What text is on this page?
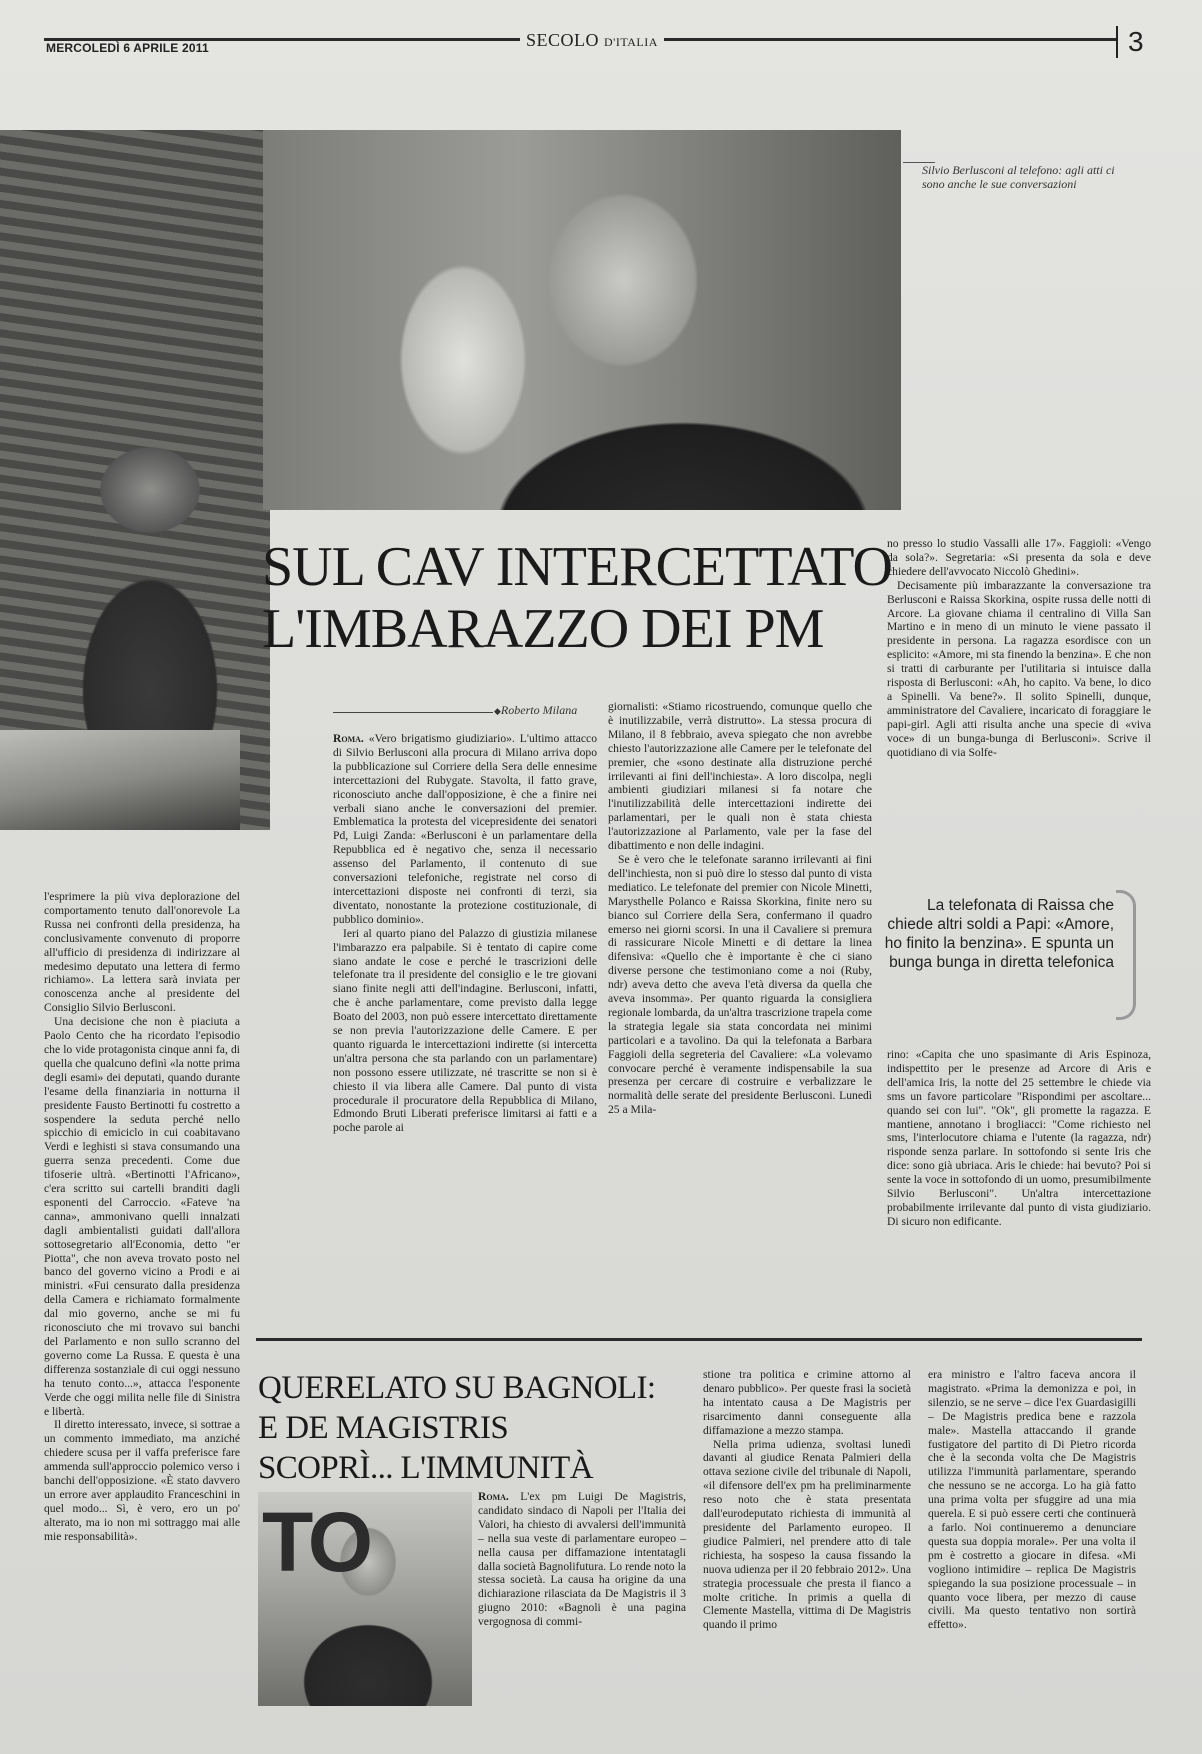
MERCOLEDÌ 6 APRILE 2011	SECOLO D'ITALIA	3
Silvio Berlusconi al telefono: agli atti ci sono anche le sue conversazioni
SUL CAV INTERCETTATO
L'IMBARAZZO DEI PM
◆ Roberto Milana

Roma. «Vero brigatismo giudiziario». L'ultimo attacco di Silvio Berlusconi alla procura di Milano arriva dopo la pubblicazione sul Corriere della Sera delle ennesime intercettazioni del Rubygate. Stavolta, il fatto grave, riconosciuto anche dall'opposizione, è che a finire nei verbali siano anche le conversazioni del premier. Emblematica la protesta del vicepresidente dei senatori Pd, Luigi Zanda: «Berlusconi è un parlamentare della Repubblica ed è negativo che, senza il necessario assenso del Parlamento, il contenuto di sue conversazioni telefoniche, registrate nel corso di intercettazioni disposte nei confronti di terzi, sia diventato, nonostante la protezione costituzionale, di pubblico dominio».

Ieri al quarto piano del Palazzo di giustizia milanese l'imbarazzo era palpabile. Si è tentato di capire come siano andate le cose e perché le trascrizioni delle telefonate tra il presidente del consiglio e le tre giovani siano finite negli atti dell'indagine. Berlusconi, infatti, che è anche parlamentare, come previsto dalla legge Boato del 2003, non può essere intercettato direttamente se non previa l'autorizzazione delle Camere. E per quanto riguarda le intercettazioni indirette (si intercetta un'altra persona che sta parlando con un parlamentare) non possono essere utilizzate, né trascritte se non si è chiesto il via libera alle Camere. Dal punto di vista procedurale il procuratore della Repubblica di Milano, Edmondo Bruti Liberati preferisce limitarsi ai fatti e a poche parole ai

giornalisti: «Stiamo ricostruendo, comunque quello che è inutilizzabile, verrà distrutto». La stessa procura di Milano, il 8 febbraio, aveva spiegato che non avrebbe chiesto l'autorizzazione alle Camere per le telefonate del premier, che «sono destinate alla distruzione perché irrilevanti ai fini dell'inchiesta». A loro discolpa, negli ambienti giudiziari milanesi si fa notare che l'inutilizzabilità delle intercettazioni indirette dei parlamentari, per le quali non è stata chiesta l'autorizzazione al Parlamento, vale per la fase del dibattimento e non delle indagini.

Se è vero che le telefonate saranno irrilevanti ai fini dell'inchiesta, non si può dire lo stesso dal punto di vista mediatico. Le telefonate del premier con Nicole Minetti, Marysthelle Polanco e Raissa Skorkina, finite nero su bianco sul Corriere della Sera, confermano il quadro emerso nei giorni scorsi. In una il Cavaliere si premura di rassicurare Nicole Minetti e di dettare la linea difensiva: «Quello che è importante è che ci siano diverse persone che testimoniano come a noi (Ruby, ndr) aveva detto che aveva l'età diversa da quella che aveva insomma». Per quanto riguarda la consigliera regionale lombarda, da un'altra trascrizione trapela come la strategia legale sia stata concordata nei minimi particolari e a tavolino. Da qui la telefonata a Barbara Faggioli della segreteria del Cavaliere: «La volevamo convocare perché è veramente indispensabile la sua presenza per cercare di costruire e verbalizzare le normalità delle serate del presidente Berlusconi. Lunedì 25 a Mila-

no presso lo studio Vassalli alle 17». Faggioli: «Vengo da sola?». Segretaria: «Si presenta da sola e deve chiedere dell'avvocato Niccolò Ghedini».

Decisamente più imbarazzante la conversazione tra Berlusconi e Raissa Skorkina, ospite russa delle notti di Arcore. La giovane chiama il centralino di Villa San Martino e in meno di un minuto le viene passato il presidente in persona. La ragazza esordisce con un esplicito: «Amore, mi sta finendo la benzina». E che non si tratti di carburante per l'utilitaria si intuisce dalla risposta di Berlusconi: «Ah, ho capito. Va bene, lo dico a Spinelli. Va bene?». Il solito Spinelli, dunque, amministratore del Cavaliere, incaricato di foraggiare le papi-girl. Agli atti risulta anche una specie di «viva voce» di un bunga-bunga di Berlusconi». Scrive il quotidiano di via Solfe-

La telefonata di Raissa che chiede altri soldi a Papi: «Amore, ho finito la benzina». E spunta un bunga bunga in diretta telefonica

rino: «Capita che uno spasimante di Aris Espinoza, indispettito per le presenze ad Arcore di Aris e dell'amica Iris, la notte del 25 settembre le chiede via sms un favore particolare "Rispondimi per ascoltare... quando sei con lui". "Ok", gli promette la ragazza. E mantiene, annotano i brogliacci: "Come richiesto nel sms, l'interlocutore chiama e l'utente (la ragazza, ndr) risponde senza parlare. In sottofondo si sente Iris che dice: sono già ubriaca. Aris le chiede: hai bevuto? Poi si sente la voce in sottofondo di un uomo, presumibilmente Silvio Berlusconi". Un'altra intercettazione probabilmente irrilevante dal punto di vista giudiziario. Di sicuro non edificante.

l'esprimere la più viva deplorazione del comportamento tenuto dall'onorevole La Russa nei confronti della presidenza, ha conclusivamente convenuto di proporre all'ufficio di presidenza di indirizzare al medesimo deputato una lettera di fermo richiamo». La lettera sarà inviata per conoscenza anche al presidente del Consiglio Silvio Berlusconi.

Una decisione che non è piaciuta a Paolo Cento che ha ricordato l'episodio che lo vide protagonista cinque anni fa, di quella che qualcuno definì «la notte prima degli esami» dei deputati, quando durante l'esame della finanziaria in notturna il presidente Fausto Bertinotti fu costretto a sospendere la seduta perché nello spicchio di emiciclo in cui coabitavano Verdi e leghisti si stava consumando una guerra senza precedenti. Come due tifoserie ultrà. «Bertinotti l'Africano», c'era scritto sui cartelli branditi dagli esponenti del Carroccio. «Fateve 'na canna», ammonivano quelli innalzati dagli ambientalisti guidati dall'allora sottosegretario all'Economia, detto "er Piotta", che non aveva trovato posto nel banco del governo vicino a Prodi e ai ministri. «Fui censurato dalla presidenza della Camera e richiamato formalmente dal mio governo, anche se mi fu riconosciuto che mi trovavo sui banchi del Parlamento e non sullo scranno del governo come La Russa. E questa è una differenza sostanziale di cui oggi nessuno ha tenuto conto...», attacca l'esponente Verde che oggi milita nelle file di Sinistra e libertà.

Il diretto interessato, invece, si sottrae a un commento immediato, ma anziché chiedere scusa per il vaffa preferisce fare ammenda sull'approccio polemico verso i banchi dell'opposizione. «È stato davvero un errore aver applaudito Franceschini in quel modo... Sì, è vero, ero un po' alterato, ma io non mi sottraggo mai alle mie responsabilità».

QUERELATO SU BAGNOLI:
E DE MAGISTRIS
SCOPRÌ... L'IMMUNITÀ
TO	Roma. L'ex pm Luigi De Magistris, candidato sindaco di Napoli per l'Italia dei Valori, ha chiesto di avvalersi dell'immunità – nella sua veste di parlamentare europeo – nella causa per diffamazione intentatagli dalla società Bagnolifutura. Lo rende noto la stessa società. La causa ha origine da una dichiarazione rilasciata da De Magistris il 3 giugno 2010: «Bagnoli è una pagina vergognosa di commi-

stione tra politica e crimine attorno al denaro pubblico». Per queste frasi la società ha intentato causa a De Magistris per risarcimento danni conseguente alla diffamazione a mezzo stampa.

Nella prima udienza, svoltasi lunedì davanti al giudice Renata Palmieri della ottava sezione civile del tribunale di Napoli, «il difensore dell'ex pm ha preliminarmente reso noto che è stata presentata dall'eurodeputato richiesta di immunità al presidente del Parlamento europeo. Il giudice Palmieri, nel prendere atto di tale richiesta, ha sospeso la causa fissando la nuova udienza per il 20 febbraio 2012». Una strategia processuale che presta il fianco a molte critiche. In primis a quella di Clemente Mastella, vittima di De Magistris quando il primo

era ministro e l'altro faceva ancora il magistrato. «Prima la demonizza e poi, in silenzio, se ne serve – dice l'ex Guardasigilli – De Magistris predica bene e razzola male». Mastella attaccando il grande fustigatore del partito di Di Pietro ricorda che è la seconda volta che De Magistris utilizza l'immunità parlamentare, sperando che nessuno se ne accorga. Lo ha già fatto una prima volta per sfuggire ad una mia querela. E si può essere certi che continuerà a farlo. Noi continueremo a denunciare questa sua doppia morale». Per una volta il pm è costretto a giocare in difesa. «Mi vogliono intimidire – replica De Magistris spiegando la sua posizione processuale – in quanto voce libera, per mezzo di cause civili. Ma questo tentativo non sortirà effetto».
